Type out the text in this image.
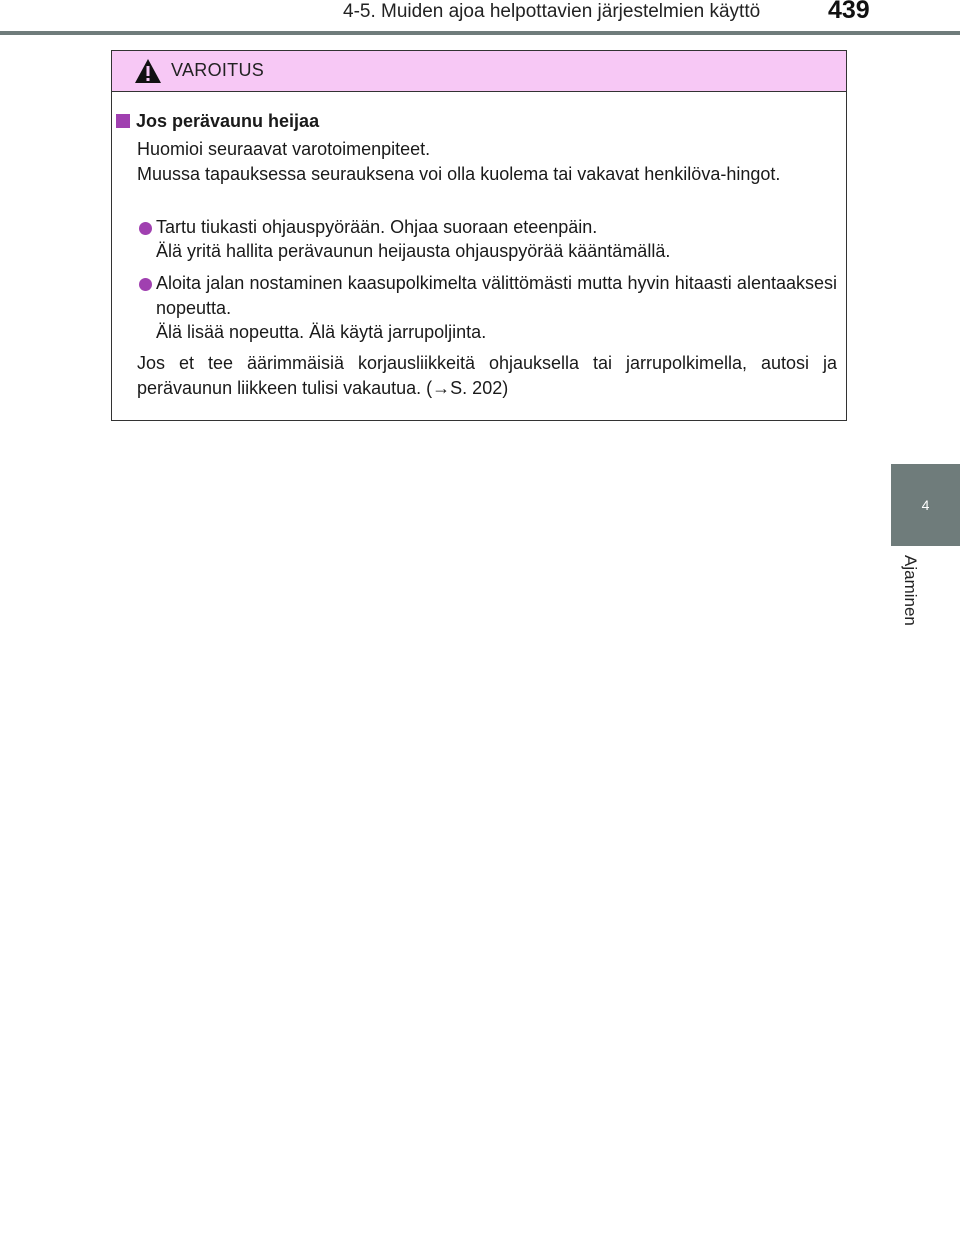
4-5. Muiden ajoa helpottavien järjestelmien käyttö	439
4
Ajaminen
VAROITUS
Jos perävaunu heijaa
Huomioi seuraavat varotoimenpiteet.
Muussa tapauksessa seurauksena voi olla kuolema tai vakavat henkilöva-hingot.
Tartu tiukasti ohjauspyörään. Ohjaa suoraan eteenpäin.
Älä yritä hallita perävaunun heijausta ohjauspyörää kääntämällä.
Aloita jalan nostaminen kaasupolkimelta välittömästi mutta hyvin hitaasti alentaaksesi nopeutta.
Älä lisää nopeutta. Älä käytä jarrupoljinta.
Jos et tee äärimmäisiä korjausliikkeitä ohjauksella tai jarrupolkimella, autosi ja perävaunun liikkeen tulisi vakautua. (→S. 202)
